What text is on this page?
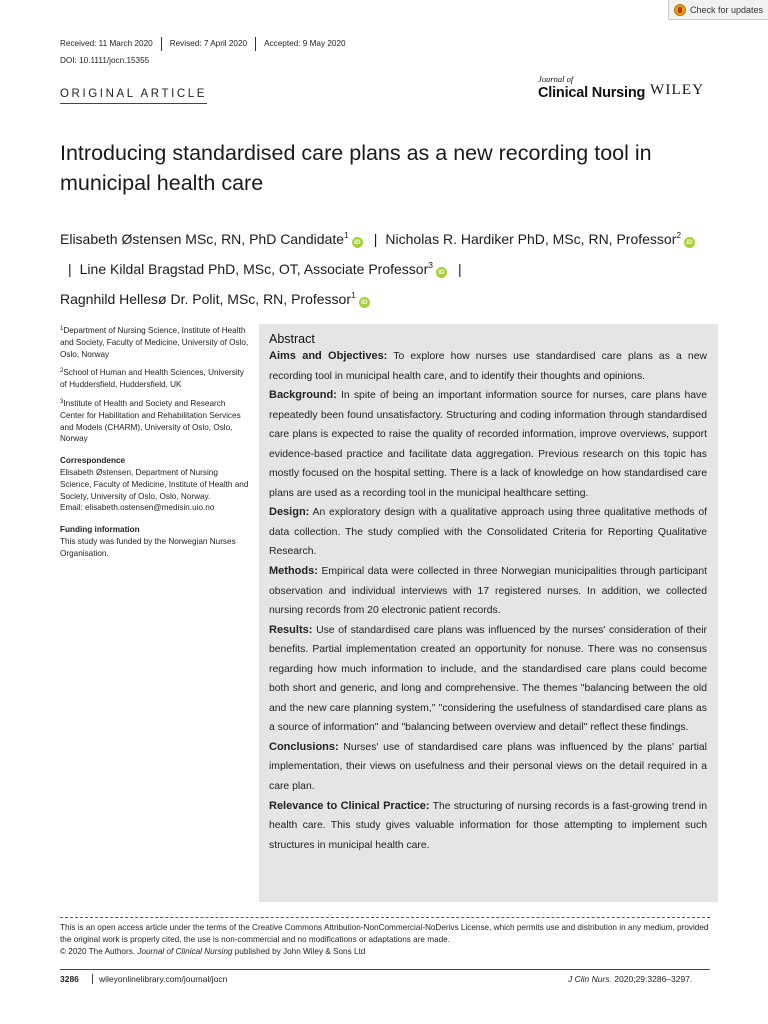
Check for updates
Received: 11 March 2020	Revised: 7 April 2020	Accepted: 9 May 2020
DOI: 10.1111/jocn.15355
ORIGINAL ARTICLE
Journal of
Clinical Nursing WILEY
Introducing standardised care plans as a new recording tool in municipal health care
Elisabeth Østensen MSc, RN, PhD Candidate$^1$iD | Nicholas R. Hardiker PhD, MSc, RN, Professor$^2$iD| Line Kildal Bragstad PhD, MSc, OT, Associate Professor$^3$iD |
Ragnhild Hellesø Dr. Polit, MSc, RN, Professor$^1$iD

$^1$Department of Nursing Science, Institute of Health and Society, Faculty of Medicine, University of Oslo, Oslo, Norway

$^2$School of Human and Health Sciences, University of Huddersfield, Huddersfield, UK

$^3$Institute of Health and Society and Research Center for Habilitation and Rehabilitation Services and Models (CHARM), University of Oslo, Oslo, Norway

Correspondence
Elisabeth Østensen, Department of Nursing Science, Faculty of Medicine, Institute of Health and Society, University of Oslo, Oslo, Norway.
Email: elisabeth.ostensen@medisin.uio.no
Funding information
This study was funded by the Norwegian Nurses Organisation.
Abstract

Aims and Objectives: To explore how nurses use standardised care plans as a new recording tool in municipal health care, and to identify their thoughts and opinions.

Background: In spite of being an important information source for nurses, care plans have repeatedly been found unsatisfactory. Structuring and coding information through standardised care plans is expected to raise the quality of recorded information, improve overviews, support evidence-based practice and facilitate data aggregation. Previous research on this topic has mostly focused on the hospital setting. There is a lack of knowledge on how standardised care plans are used as a recording tool in the municipal healthcare setting.

Design: An exploratory design with a qualitative approach using three qualitative methods of data collection. The study complied with the Consolidated Criteria for Reporting Qualitative Research.

Methods: Empirical data were collected in three Norwegian municipalities through participant observation and individual interviews with 17 registered nurses. In addition, we collected nursing records from 20 electronic patient records.

Results: Use of standardised care plans was influenced by the nurses' consideration of their benefits. Partial implementation created an opportunity for nonuse. There was no consensus regarding how much information to include, and the standardised care plans could become both short and generic, and long and comprehensive. The themes "balancing between the old and the new care planning system," "considering the usefulness of standardised care plans as a source of information" and "balancing between overview and detail" reflect these findings.

Conclusions: Nurses' use of standardised care plans was influenced by the plans' partial implementation, their views on usefulness and their personal views on the detail required in a care plan.

Relevance to Clinical Practice: The structuring of nursing records is a fast-growing trend in health care. This study gives valuable information for those attempting to implement such structures in municipal health care.

This is an open access article under the terms of the Creative Commons Attribution-NonCommercial-NoDerivs License, which permits use and distribution in any medium, provided the original work is properly cited, the use is non-commercial and no modifications or adaptations are made.
© 2020 The Authors. Journal of Clinical Nursing published by John Wiley & Sons Ltd
3286	wileyonlinelibrary.com/journal/jocn	J Clin Nurs. 2020;29:3286–3297.
